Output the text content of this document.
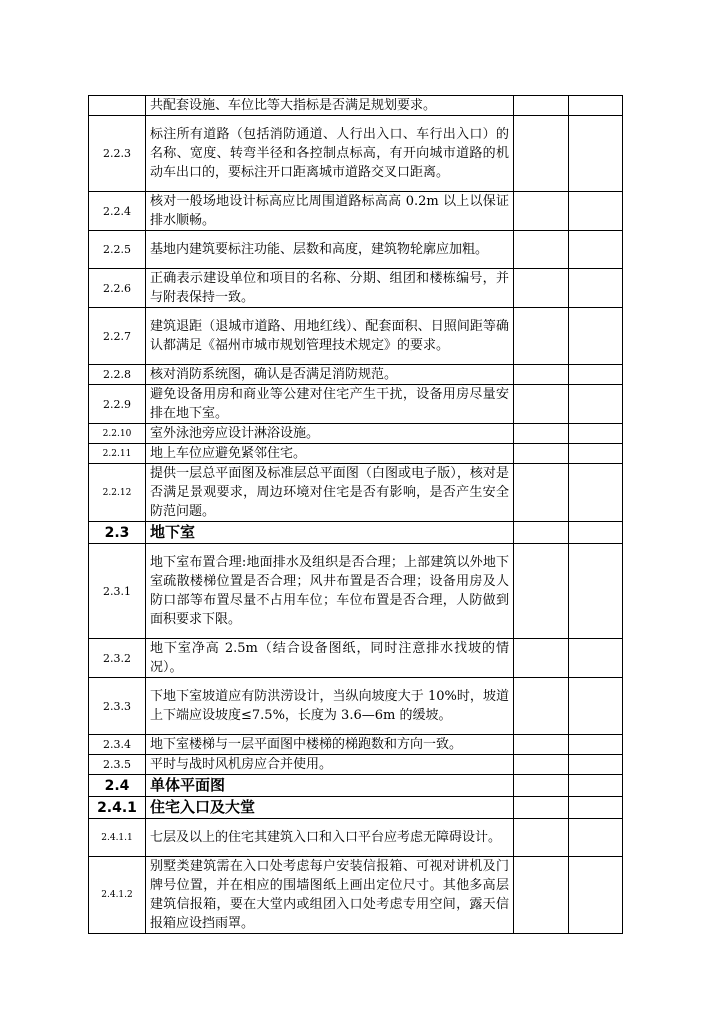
	共配套设施、车位比等大指标是否满足规划要求。		
2.2.3	标注所有道路（包括消防通道、人行出入口、车行出入口）的名称、宽度、转弯半径和各控制点标高，有开向城市道路的机动车出口的，要标注开口距离城市道路交叉口距离。		
2.2.4	核对一般场地设计标高应比周围道路标高高 0.2m 以上以保证排水顺畅。		
2.2.5	基地内建筑要标注功能、层数和高度，建筑物轮廓应加粗。		
2.2.6	正确表示建设单位和项目的名称、分期、组团和楼栋编号，并与附表保持一致。		
2.2.7	建筑退距（退城市道路、用地红线）、配套面积、日照间距等确认都满足《福州市城市规划管理技术规定》的要求。		
2.2.8	核对消防系统图，确认是否满足消防规范。		
2.2.9	避免设备用房和商业等公建对住宅产生干扰，设备用房尽量安排在地下室。		
2.2.10	室外泳池旁应设计淋浴设施。		
2.2.11	地上车位应避免紧邻住宅。		
2.2.12	提供一层总平面图及标准层总平面图（白图或电子版），核对是否满足景观要求，周边环境对住宅是否有影响，是否产生安全防范问题。		
2.3	地下室		
2.3.1	地下室布置合理:地面排水及组织是否合理；上部建筑以外地下室疏散楼梯位置是否合理；风井布置是否合理；设备用房及人防口部等布置尽量不占用车位；车位布置是否合理，人防做到面积要求下限。		
2.3.2	地下室净高 2.5m（结合设备图纸，同时注意排水找坡的情况）。		
2.3.3	下地下室坡道应有防洪涝设计，当纵向坡度大于 10%时，坡道上下端应设坡度≤7.5%，长度为 3.6—6m 的缓坡。		
2.3.4	地下室楼梯与一层平面图中楼梯的梯跑数和方向一致。		
2.3.5	平时与战时风机房应合并使用。		
2.4	单体平面图		
2.4.1	住宅入口及大堂		
2.4.1.1	七层及以上的住宅其建筑入口和入口平台应考虑无障碍设计。		
2.4.1.2	别墅类建筑需在入口处考虑每户安装信报箱、可视对讲机及门牌号位置，并在相应的围墙图纸上画出定位尺寸。其他多高层建筑信报箱，要在大堂内或组团入口处考虑专用空间，露天信报箱应设挡雨罩。		
